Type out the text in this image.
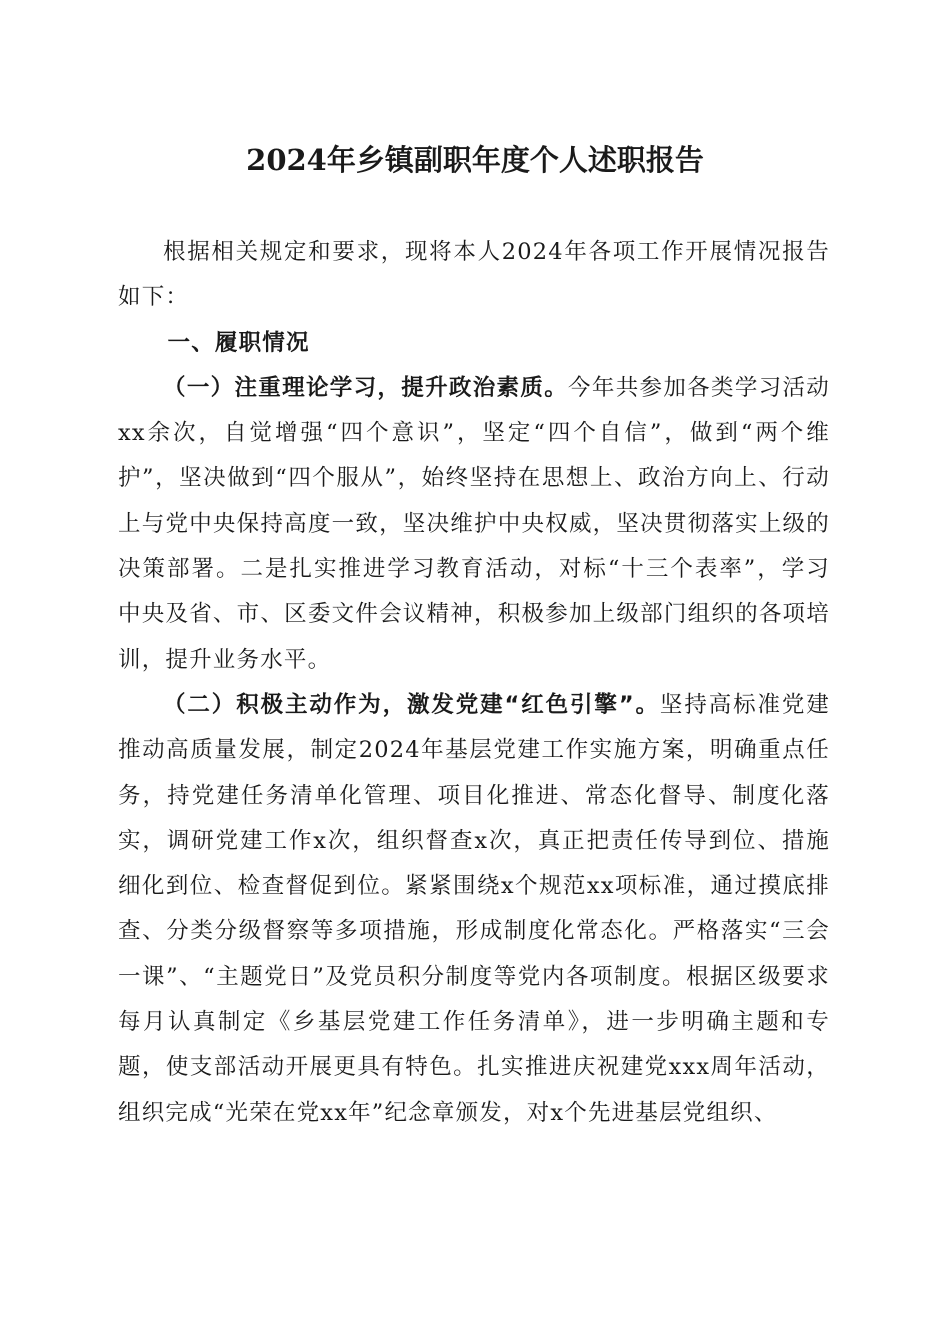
2024年乡镇副职年度个人述职报告

根据相关规定和要求，现将本人2024年各项工作开展情况报告如下：

一、履职情况

（一）注重理论学习，提升政治素质。今年共参加各类学习活动xx余次，自觉增强“四个意识”，坚定“四个自信”，做到“两个维护”，坚决做到“四个服从”，始终坚持在思想上、政治方向上、行动上与党中央保持高度一致，坚决维护中央权威，坚决贯彻落实上级的决策部署。二是扎实推进学习教育活动，对标“十三个表率”，学习中央及省、市、区委文件会议精神，积极参加上级部门组织的各项培训，提升业务水平。

（二）积极主动作为，激发党建“红色引擎”。坚持高标准党建推动高质量发展，制定2024年基层党建工作实施方案，明确重点任务，持党建任务清单化管理、项目化推进、常态化督导、制度化落实，调研党建工作x次，组织督查x次，真正把责任传导到位、措施细化到位、检查督促到位。紧紧围绕x个规范xx项标准，通过摸底排查、分类分级督察等多项措施，形成制度化常态化。严格落实“三会一课”、“主题党日”及党员积分制度等党内各项制度。根据区级要求每月认真制定《乡基层党建工作任务清单》，进一步明确主题和专题，使支部活动开展更具有特色。扎实推进庆祝建党xxx周年活动，组织完成“光荣在党xx年”纪念章颁发，对x个先进基层党组织、
